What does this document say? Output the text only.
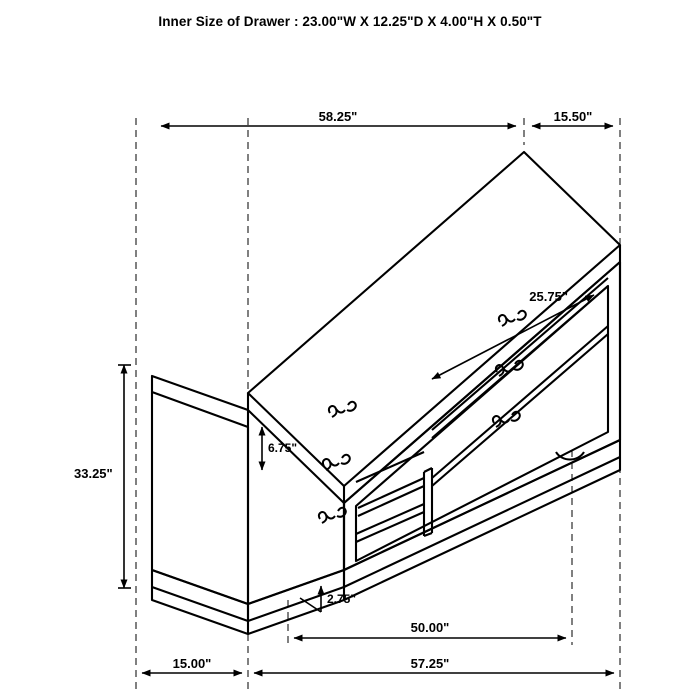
Inner Size of Drawer : 23.00"W X 12.25"D X 4.00"H X 0.50"T
58.25"	15.50"
25.75"
33.25"
6.75"
2.75"
50.00"
15.00"	57.25"
